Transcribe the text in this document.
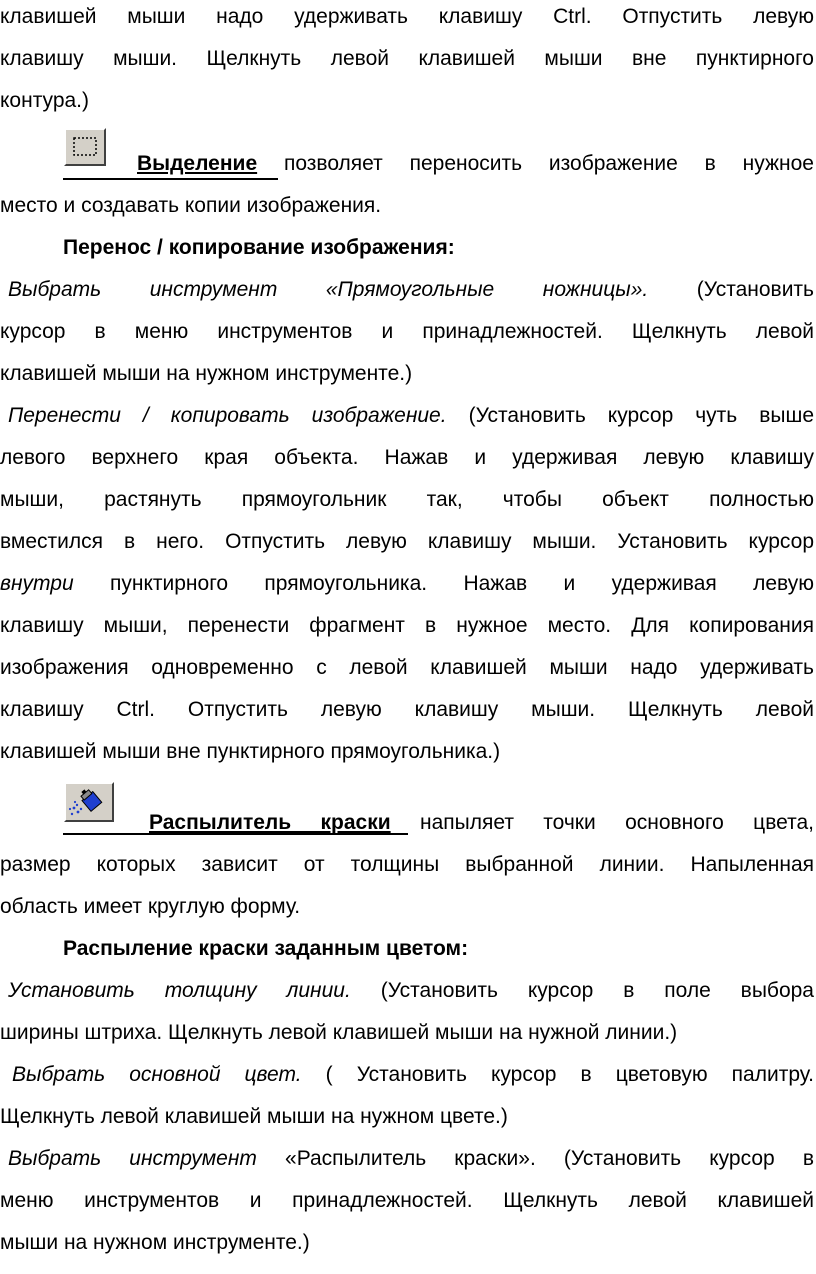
клавишей мыши надо удерживать клавишу Ctrl. Отпустить левую
клавишу мыши. Щелкнуть левой клавишей мыши вне пунктирного
контура.)
Выделение позволяет переносить изображение в нужное
место и создавать копии изображения.
Перенос / копирование изображения:
Выбрать инструмент «Прямоугольные ножницы». (Установить
курсор в меню инструментов и принадлежностей. Щелкнуть левой
клавишей мыши на нужном инструменте.)
Перенести / копировать изображение. (Установить курсор чуть выше
левого верхнего края объекта. Нажав и удерживая левую клавишу
мыши, растянуть прямоугольник так, чтобы объект полностью
вместился в него. Отпустить левую клавишу мыши. Установить курсор
внутри пунктирного прямоугольника. Нажав и удерживая левую
клавишу мыши, перенести фрагмент в нужное место. Для копирования
изображения одновременно с левой клавишей мыши надо удерживать
клавишу Ctrl. Отпустить левую клавишу мыши. Щелкнуть левой
клавишей мыши вне пунктирного прямоугольника.)
Распылитель краски напыляет точки основного цвета,
размер которых зависит от толщины выбранной линии. Напыленная
область имеет круглую форму.
Распыление краски заданным цветом:
Установить толщину линии. (Установить курсор в поле выбора
ширины штриха. Щелкнуть левой клавишей мыши на нужной линии.)
Выбрать основной цвет. ( Установить курсор в цветовую палитру.
Щелкнуть левой клавишей мыши на нужном цвете.)
Выбрать инструмент «Распылитель краски». (Установить курсор в
меню инструментов и принадлежностей. Щелкнуть левой клавишей
мыши на нужном инструменте.)
